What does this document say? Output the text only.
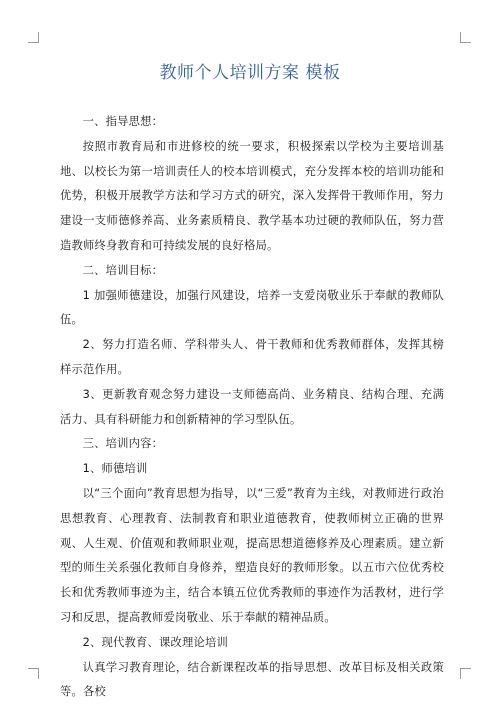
教师个人培训方案 模板

一、指导思想：

按照市教育局和市进修校的统一要求，积极探索以学校为主要培训基地、以校长为第一培训责任人的校本培训模式，充分发挥本校的培训功能和优势，积极开展教学方法和学习方式的研究，深入发挥骨干教师作用，努力建设一支师德修养高、业务素质精良、教学基本功过硬的教师队伍，努力营造教师终身教育和可持续发展的良好格局。

二、培训目标：

1 加强师德建设，加强行风建设，培养一支爱岗敬业乐于奉献的教师队伍。

2、努力打造名师、学科带头人、骨干教师和优秀教师群体，发挥其榜样示范作用。

3、更新教育观念努力建设一支师德高尚、业务精良、结构合理、充满活力、具有科研能力和创新精神的学习型队伍。

三、培训内容：

1、师德培训

以“三个面向”教育思想为指导，以“三爱”教育为主线，对教师进行政治思想教育、心理教育、法制教育和职业道德教育，使教师树立正确的世界观、人生观、价值观和教师职业观，提高思想道德修养及心理素质。建立新型的师生关系强化教师自身修养，塑造良好的教师形象。以五市六位优秀校长和优秀教师事迹为主，结合本镇五位优秀教师的事迹作为活教材，进行学习和反思，提高教师爱岗敬业、乐于奉献的精神品质。

2、现代教育、课改理论培训

认真学习教育理论，结合新课程改革的指导思想、改革目标及相关政策等。各校
